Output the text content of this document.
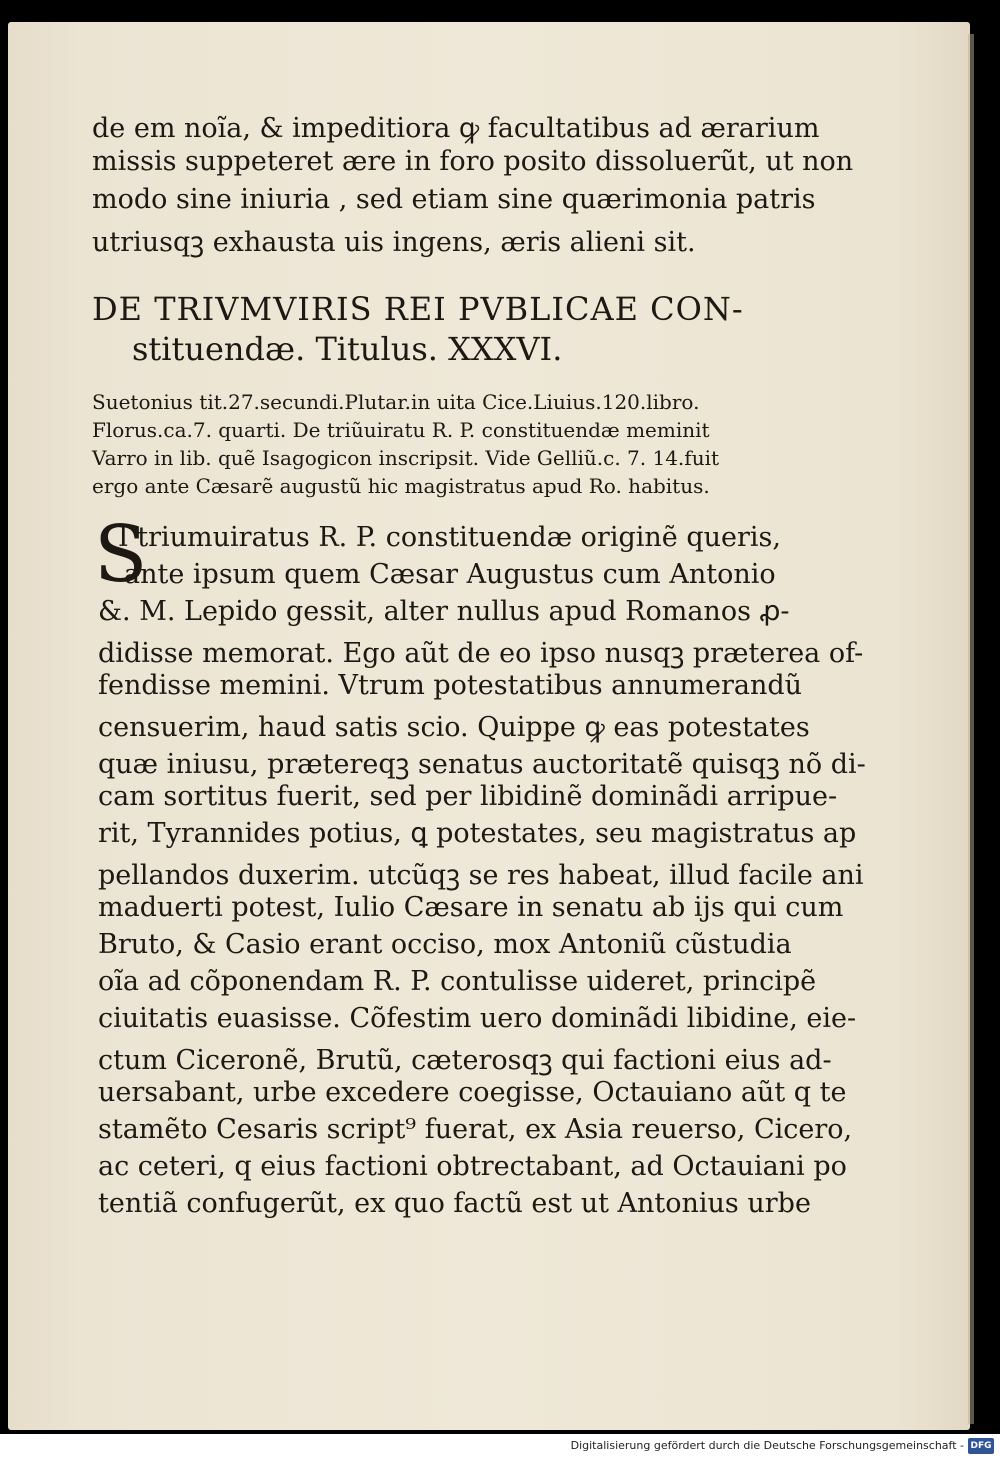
de em noĩa, & impeditiora ꝙ facultatibus ad ærarium
missis suppeteret ære in foro posito dissoluerũt, ut non
modo sine iniuria , sed etiam sine quærimonia patris
utriusqꝫ exhausta uis ingens, æris alieni sit.
DE TRIVMVIRIS REI PVBLICAE CON-
stituendæ. Titulus. XXXVI.
Suetonius tit.27.secundi.Plutar.in uita Cice.Liuius.120.libro.
Florus.ca.7. quarti. De triũuiratu R. P. constituendæ meminit
Varro in lib. quẽ Isagogicon inscripsit. Vide Gelliũ.c. 7. 14.fuit
ergo ante Cæsarẽ augustũ hic magistratus apud Ro. habitus.
S
I triumuiratus R. P. constituendæ originẽ queris,
ante ipsum quem Cæsar Augustus cum Antonio
&. M. Lepido gessit, alter nullus apud Romanos ꝓ-
didisse memorat. Ego aũt de eo ipso nusqꝫ præterea of-
fendisse memini. Vtrum potestatibus annumerandũ
censuerim, haud satis scio. Quippe ꝙ eas potestates
quæ iniusu, prætereqꝫ senatus auctoritatẽ quisqꝫ nõ di-
cam sortitus fuerit, sed per libidinẽ dominãdi arripue-
rit, Tyrannides potius, ꝗ potestates, seu magistratus ap
pellandos duxerim. utcũqꝫ se res habeat, illud facile ani
maduerti potest, Iulio Cæsare in senatu ab ijs qui cum
Bruto, & Casio erant occiso, mox Antoniũ cũstudia
oĩa ad cõponendam R. P. contulisse uideret, principẽ
ciuitatis euasisse. Cõfestim uero dominãdi libidine, eie-
ctum Ciceronẽ, Brutũ, cæterosqꝫ qui factioni eius ad-
uersabant, urbe excedere coegisse, Octauiano aũt q te
stamẽto Cesaris script⁹ fuerat, ex Asia reuerso, Cicero,
ac ceteri, q eius factioni obtrectabant, ad Octauiani po
tentiã confugerũt, ex quo factũ est ut Antonius urbe
Digitalisierung gefördert durch die Deutsche Forschungsgemeinschaft - DFG
